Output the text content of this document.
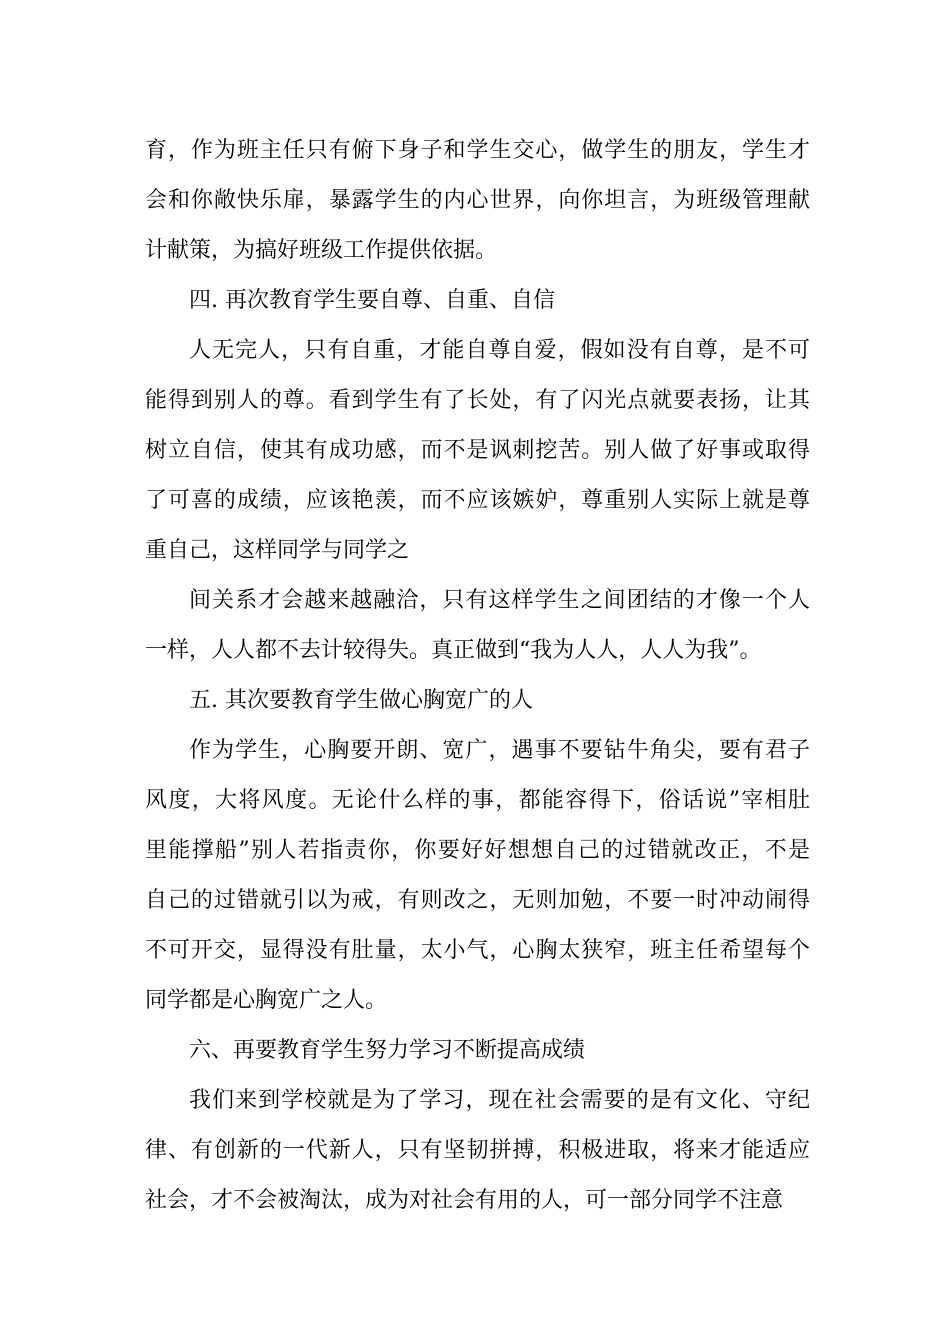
育，作为班主任只有俯下身子和学生交心，做学生的朋友，学生才
会和你敞快乐扉，暴露学生的内心世界，向你坦言，为班级管理献
计献策，为搞好班级工作提供依据。
四. 再次教育学生要自尊、自重、自信
人无完人，只有自重，才能自尊自爱，假如没有自尊，是不可
能得到别人的尊。看到学生有了长处，有了闪光点就要表扬，让其
树立自信，使其有成功感，而不是讽刺挖苦。别人做了好事或取得
了可喜的成绩，应该艳羡，而不应该嫉妒，尊重别人实际上就是尊
重自己，这样同学与同学之
间关系才会越来越融洽，只有这样学生之间团结的才像一个人
一样，人人都不去计较得失。真正做到“我为人人，人人为我”。
五. 其次要教育学生做心胸宽广的人
作为学生，心胸要开朗、宽广，遇事不要钻牛角尖，要有君子
风度，大将风度。无论什么样的事，都能容得下，俗话说”宰相肚
里能撑船”别人若指责你，你要好好想想自己的过错就改正，不是
自己的过错就引以为戒，有则改之，无则加勉，不要一时冲动闹得
不可开交，显得没有肚量，太小气，心胸太狭窄，班主任希望每个
同学都是心胸宽广之人。
六、再要教育学生努力学习不断提高成绩
我们来到学校就是为了学习，现在社会需要的是有文化、守纪
律、有创新的一代新人，只有坚韧拼搏，积极进取，将来才能适应
社会，才不会被淘汰，成为对社会有用的人，可一部分同学不注意
